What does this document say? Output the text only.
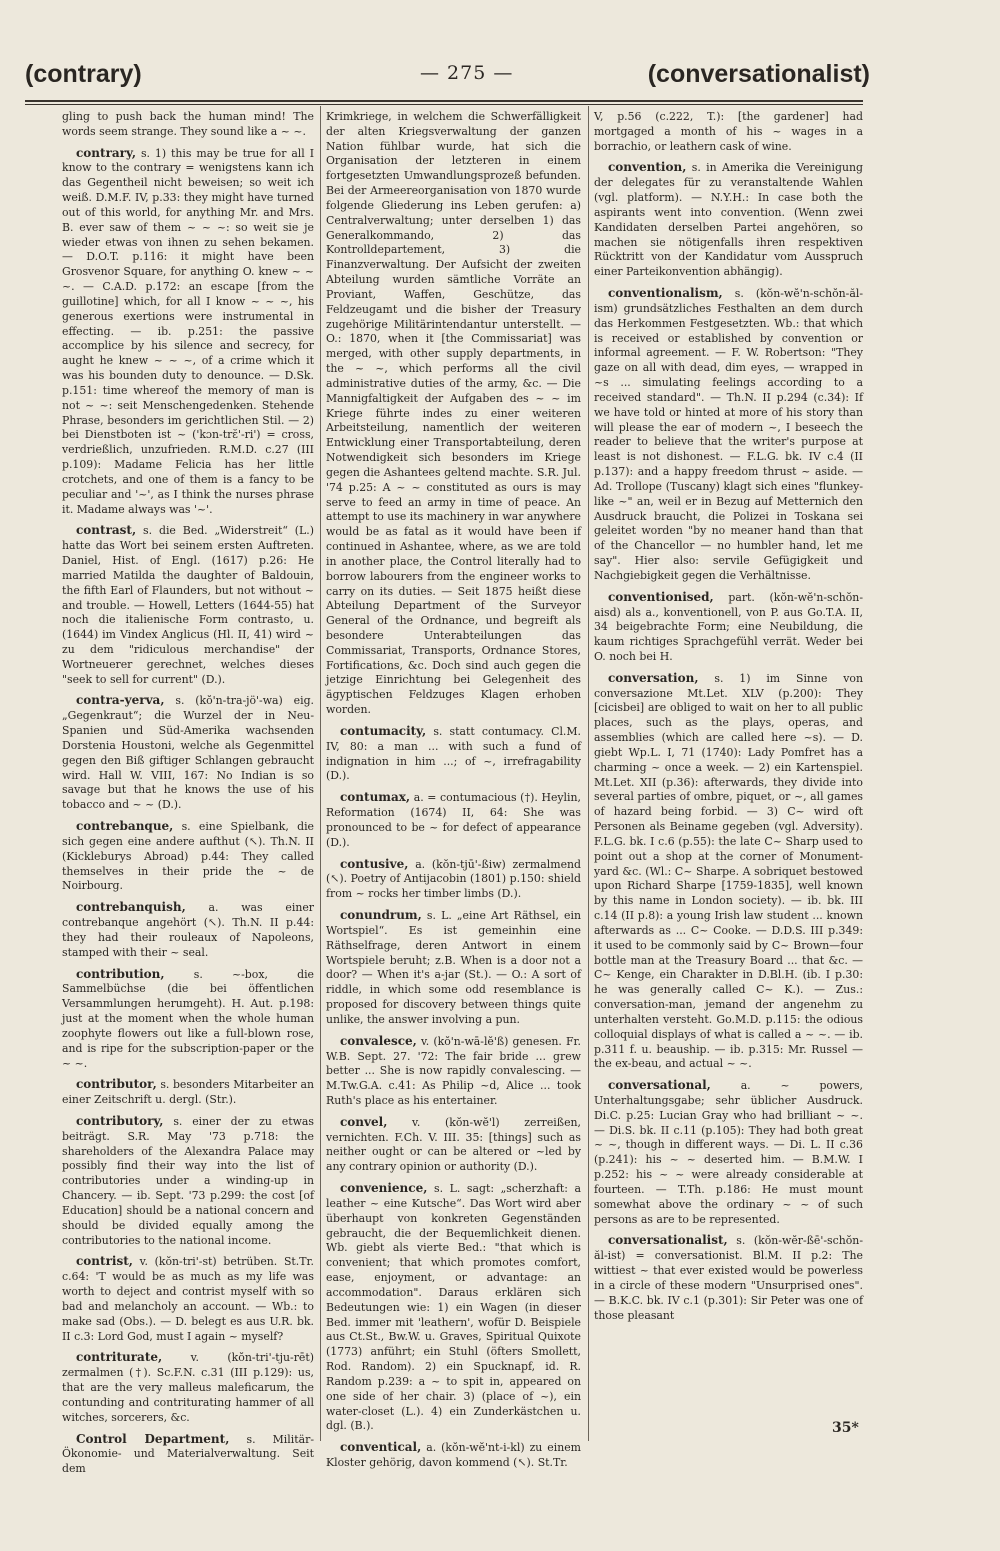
(contrary)	— 275 —	(conversationalist)

gling to push back the human mind! The words seem strange. They sound like a ~ ~.

contrary, s. 1) this may be true for all I know to the contrary = wenigstens kann ich das Gegentheil nicht beweisen; so weit ich weiß. D.M.F. IV, p.33: they might have turned out of this world, for anything Mr. and Mrs. B. ever saw of them ~ ~ ~: so weit sie je wieder etwas von ihnen zu sehen bekamen. — D.O.T. p.116: it might have been Grosvenor Square, for anything O. knew ~ ~ ~. — C.A.D. p.172: an escape [from the guillotine] which, for all I know ~ ~ ~, his generous exertions were instrumental in effecting. — ib. p.251: the passive accomplice by his silence and secrecy, for aught he knew ~ ~ ~, of a crime which it was his bounden duty to denounce. — D.Sk. p.151: time whereof the memory of man is not ~ ~: seit Menschengedenken. Stehende Phrase, besonders im gerichtlichen Stil. — 2) bei Dienstboten ist ~ ('kɔn-trɛ̆'-ri') = cross, verdrießlich, unzufrieden. R.M.D. c.27 (III p.109): Madame Felicia has her little crotchets, and one of them is a fancy to be peculiar and '~', as I think the nurses phrase it. Madame always was '~'.

contrast, s. die Bed. „Widerstreit“ (L.) hatte das Wort bei seinem ersten Auftreten. Daniel, Hist. of Engl. (1617) p.26: He married Matilda the daughter of Baldouin, the fifth Earl of Flaunders, but not without ~ and trouble. — Howell, Letters (1644-55) hat noch die italienische Form contrasto, u. (1644) im Vindex Anglicus (Hl. II, 41) wird ~ zu dem "ridiculous merchandise" der Wortneuerer gerechnet, welches dieses "seek to sell for current" (D.).

contra-yerva, s. (kŏ'n-tra-jö'-wa) eig. „Gegenkraut“; die Wurzel der in Neu-Spanien und Süd-Amerika wachsenden Dorstenia Houstoni, welche als Gegenmittel gegen den Biß giftiger Schlangen gebraucht wird. Hall W. VIII, 167: No Indian is so savage but that he knows the use of his tobacco and ~ ~ (D.).

contrebanque, s. eine Spielbank, die sich gegen eine andere aufthut (↖). Th.N. II (Kickleburys Abroad) p.44: They called themselves in their pride the ~ de Noirbourg.

contrebanquish, a. was einer contrebanque angehört (↖). Th.N. II p.44: they had their rouleaux of Napoleons, stamped with their ~ seal.

contribution,	s. ~-box, die Sammelbüchse (die bei öffentlichen Versammlungen herumgeht). H. Aut. p.198: just at the moment when the whole human zoophyte flowers out like a full-blown rose, and is ripe for the subscription-paper or the ~ ~.

contributor, s. besonders Mitarbeiter an einer Zeitschrift u. dergl. (Str.).

contributory, s. einer der zu etwas beiträgt. S.R. May '73 p.718: the shareholders of the Alexandra Palace may possibly find their way into the list of contributories under a winding-up in Chancery. — ib. Sept. '73 p.299: the cost [of Education] should be a national concern and should be divided equally among the contributories to the national income.

contrist, v. (kŏn-tri'-st) betrüben. St.Tr. c.64: 'T would be as much as my life was worth to deject and contrist myself with so bad and melancholy an account. — Wb.: to make sad (Obs.). — D. belegt es aus U.R. bk. II c.3: Lord God, must I again ~ myself?

contriturate,	v. (kŏn-tri'-tju-rēt) zermalmen (†). Sc.F.N. c.31 (III p.129): us, that are the very malleus maleficarum, the contunding and contriturating hammer of all witches, sorcerers, &c.

Control Department, s. Militär-Ökonomie- und Materialverwaltung. Seit dem

Krimkriege, in welchem die Schwerfälligkeit der alten Kriegsverwaltung der ganzen Nation fühlbar wurde, hat sich die Organisation der letzteren in einem fortgesetzten Umwandlungsprozeß befunden. Bei der Armeereorganisation von 1870 wurde folgende Gliederung ins Leben gerufen: a) Centralverwaltung; unter derselben 1) das Generalkommando, 2) das Kontrolldepartement, 3) die Finanzverwaltung. Der Aufsicht der zweiten Abteilung wurden sämtliche Vorräte an Proviant, Waffen, Geschütze, das Feldzeugamt und die bisher der Treasury zugehörige Militärintendantur unterstellt. — O.: 1870, when it [the Commissariat] was merged, with other supply departments, in the ~ ~, which performs all the civil administrative duties of the army, &c. — Die Mannigfaltigkeit der Aufgaben des ~ ~ im Kriege führte indes zu einer weiteren Arbeitsteilung, namentlich der weiteren Entwicklung einer Transportabteilung, deren Notwendigkeit sich besonders im Kriege gegen die Ashantees geltend machte. S.R. Jul. '74 p.25: A ~ ~ constituted as ours is may serve to feed an army in time of peace. An attempt to use its machinery in war anywhere would be as fatal as it would have been if continued in Ashantee, where, as we are told in another place, the Control literally had to borrow labourers from the engineer works to carry on its duties. — Seit 1875 heißt diese Abteilung Department of the Surveyor General of the Ordnance, und begreift als besondere Unterabteilungen das Commissariat, Transports, Ordnance Stores, Fortifications, &c. Doch sind auch gegen die jetzige Einrichtung bei Gelegenheit des ägyptischen Feldzuges Klagen erhoben worden.

contumacity, s. statt contumacy. Cl.M. IV, 80: a man ... with such a fund of indignation in him ...; of ~, irrefragability (D.).

contumax, a. = contumacious (†). Heylin, Reformation (1674) II, 64: She was pronounced to be ~ for defect of appearance (D.).

contusive, a. (kŏn-tjū'-ßiw) zermalmend (↖). Poetry of Antijacobin (1801) p.150: shield from ~ rocks her timber limbs (D.).

conundrum, s. L. „eine Art Räthsel, ein Wortspiel“. Es ist gemeinhin eine Räthselfrage, deren Antwort in einem Wortspiele beruht; z.B. When is a door not a door? — When it's a-jar (St.). — O.: A sort of riddle, in which some odd resemblance is proposed for discovery between things quite unlike, the answer involving a pun.

convalesce, v. (kŏ'n-wā-lĕ'ß) genesen. Fr. W.B. Sept. 27. '72: The fair bride ... grew better ... She is now rapidly convalescing. — M.Tw.G.A. c.41: As Philip ~d, Alice ... took Ruth's place as his entertainer.

convel, v. (kŏn-wĕ'l) zerreißen, vernichten. F.Ch. V. III. 35: [things] such as neither ought or can be altered or ~led by any contrary opinion or authority (D.).

convenience, s. L. sagt: „scherzhaft: a leather ~ eine Kutsche“. Das Wort wird aber überhaupt von konkreten Gegenständen gebraucht, die der Bequemlichkeit dienen. Wb. giebt als vierte Bed.: "that which is convenient; that which promotes comfort, ease, enjoyment, or advantage: an accommodation". Daraus erklären sich Bedeutungen wie: 1) ein Wagen (in dieser Bed. immer mit 'leathern', wofür D. Beispiele aus Ct.St., Bw.W. u. Graves, Spiritual Quixote (1773) anführt; ein Stuhl (öfters Smollett, Rod. Random). 2) ein Spucknapf, id. R. Random p.239: a ~ to spit in, appeared on one side of her chair. 3) (place of ~), ein water-closet (L.). 4) ein Zunderkästchen u. dgl. (B.).

conventical, a. (kŏn-wĕ'nt-i-kl) zu einem Kloster gehörig, davon kommend (↖). St.Tr.

V, p.56 (c.222, T.): [the gardener] had mortgaged a month of his ~ wages in a borrachio, or leathern cask of wine.

convention, s. in Amerika die Vereinigung der delegates für zu veranstaltende Wahlen (vgl. platform). — N.Y.H.: In case both the aspirants went into convention. (Wenn zwei Kandidaten derselben Partei angehören, so machen sie nötigenfalls ihren respektiven Rücktritt von der Kandidatur vom Ausspruch einer Parteikonvention abhängig).

conventionalism, s. (kŏn-wĕ'n-schŏn-ăl-ism) grundsätzliches Festhalten an dem durch das Herkommen Festgesetzten. Wb.: that which is received or established by convention or informal agreement. — F. W. Robertson: "They gaze on all with dead, dim eyes, — wrapped in ~s ... simulating feelings according to a received standard". — Th.N. II p.294 (c.34): If we have told or hinted at more of his story than will please the ear of modern ~, I beseech the reader to believe that the writer's purpose at least is not dishonest. — F.L.G. bk. IV c.4 (II p.137): and a happy freedom thrust ~ aside. — Ad. Trollope (Tuscany) klagt sich eines "flunkey-like ~" an, weil er in Bezug auf Metternich den Ausdruck braucht, die Polizei in Toskana sei geleitet worden "by no meaner hand than that of the Chancellor — no humbler hand, let me say". Hier also: servile Gefügigkeit und Nachgiebigkeit gegen die Verhältnisse.

conventionised, part. (kŏn-wĕ'n-schŏn-aisd) als a., konventionell, von P. aus Go.T.A. II, 34 beigebrachte Form; eine Neubildung, die kaum richtiges Sprachgefühl verrät. Weder bei O. noch bei H.

conversation, s. 1) im Sinne von conversazione Mt.Let. XLV (p.200): They [cicisbei] are obliged to wait on her to all public places, such as the plays, operas, and assemblies (which are called here ~s). — D. giebt Wp.L. I, 71 (1740): Lady Pomfret has a charming ~ once a week. — 2) ein Kartenspiel. Mt.Let. XII (p.36): afterwards, they divide into several parties of ombre, piquet, or ~, all games of hazard being forbid. — 3) C~ wird oft Personen als Beiname gegeben (vgl. Adversity). F.L.G. bk. I c.6 (p.55): the late C~ Sharp used to point out a shop at the corner of Monument-yard &c. (Wl.: C~ Sharpe. A sobriquet bestowed upon Richard Sharpe [1759-1835], well known by this name in London society). — ib. bk. III c.14 (II p.8): a young Irish law student ... known afterwards as ... C~ Cooke. — D.D.S. III p.349: it used to be commonly said by C~ Brown—four bottle man at the Treasury Board ... that &c. — C~ Kenge, ein Charakter in D.Bl.H. (ib. I p.30: he was generally called C~ K.). — Zus.: conversation-man, jemand der angenehm zu unterhalten versteht. Go.M.D. p.115: the odious colloquial displays of what is called a ~ ~. — ib. p.311 f. u. beauship. — ib. p.315: Mr. Russel — the ex-beau, and actual ~ ~.

conversational,	a. ~ powers, Unterhaltungsgabe; sehr üblicher Ausdruck. Di.C. p.25: Lucian Gray who had brilliant ~ ~. — Di.S. bk. II c.11 (p.105): They had both great ~ ~, though in different ways. — Di. L. II c.36 (p.241): his ~ ~ deserted him. — B.M.W. I p.252: his ~ ~ were already considerable at fourteen. — T.Th. p.186: He must mount somewhat above the ordinary ~ ~ of such persons as are to be represented.

conversationalist, s. (kŏn-wĕr-ßē'-schŏn-ăl-ist) = conversationist. Bl.M. II p.2: The wittiest ~ that ever existed would be powerless in a circle of these modern "Unsurprised ones". — B.K.C. bk. IV c.1 (p.301): Sir Peter was one of those pleasant

35*
